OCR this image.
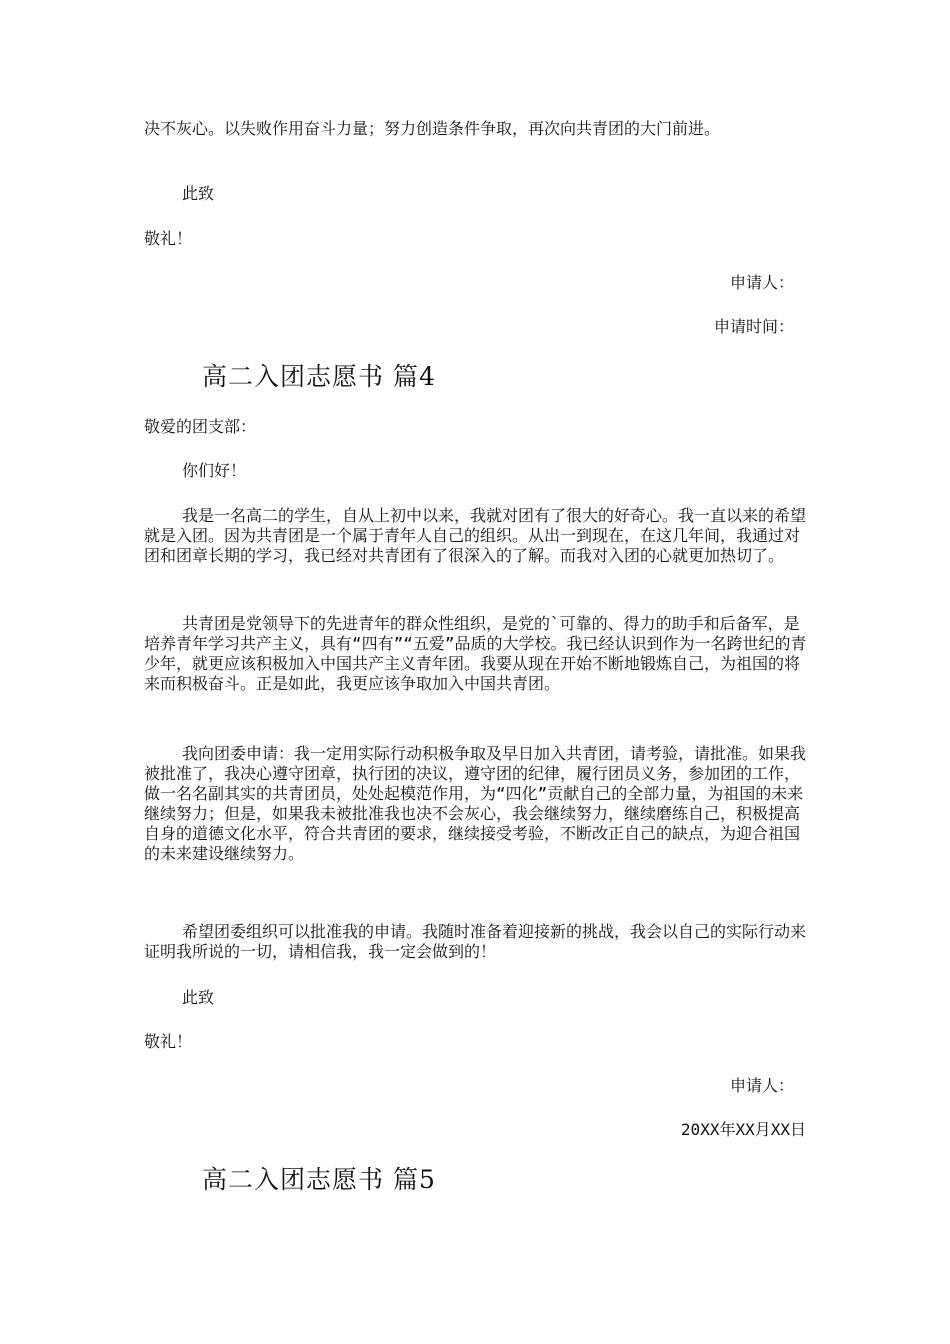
决不灰心。以失败作用奋斗力量；努力创造条件争取，再次向共青团的大门前进。

此致

敬礼！

申请人：

申请时间：

高二入团志愿书 篇4

敬爱的团支部：

你们好！

我是一名高二的学生，自从上初中以来，我就对团有了很大的好奇心。我一直以来的希望就是入团。因为共青团是一个属于青年人自己的组织。从出一到现在，在这几年间，我通过对团和团章长期的学习，我已经对共青团有了很深入的了解。而我对入团的心就更加热切了。

共青团是党领导下的先进青年的群众性组织，是党的`可靠的、得力的助手和后备军，是培养青年学习共产主义，具有“四有”“五爱”品质的大学校。我已经认识到作为一名跨世纪的青少年，就更应该积极加入中国共产主义青年团。我要从现在开始不断地锻炼自己，为祖国的将来而积极奋斗。正是如此，我更应该争取加入中国共青团。

我向团委申请：我一定用实际行动积极争取及早日加入共青团，请考验，请批准。如果我被批准了，我决心遵守团章，执行团的决议，遵守团的纪律，履行团员义务，参加团的工作，做一名名副其实的共青团员，处处起模范作用，为“四化”贡献自己的全部力量，为祖国的未来继续努力；但是，如果我未被批准我也决不会灰心，我会继续努力，继续磨练自己，积极提高自身的道德文化水平，符合共青团的要求，继续接受考验，不断改正自己的缺点，为迎合祖国的未来建设继续努力。

希望团委组织可以批准我的申请。我随时准备着迎接新的挑战，我会以自己的实际行动来证明我所说的一切，请相信我，我一定会做到的！

此致

敬礼！

申请人：

20XX年XX月XX日

高二入团志愿书 篇5
